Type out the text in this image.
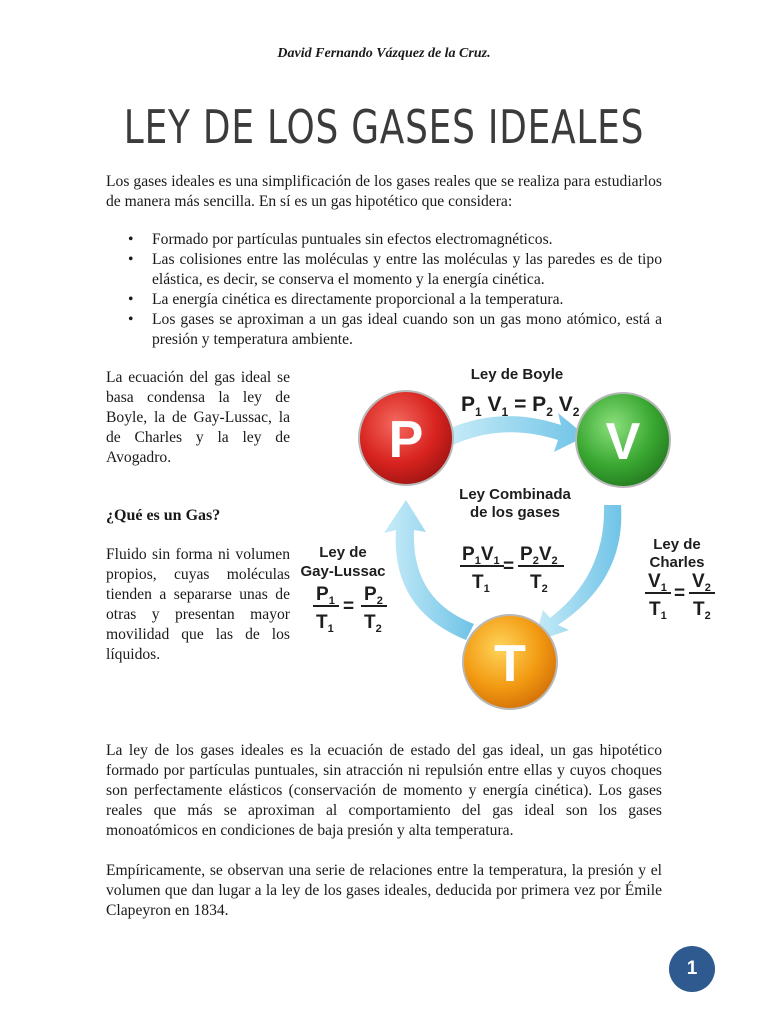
David Fernando Vázquez de la Cruz.
LEY DE LOS GASES IDEALES

Los gases ideales es una simplificación de los gases reales que se realiza para estudiarlos de manera más sencilla. En sí es un gas hipotético que considera:

• Formado por partículas puntuales sin efectos electromagnéticos.
• Las colisiones entre las moléculas y entre las moléculas y las paredes es de tipo elástica, es decir, se conserva el momento y la energía cinética.
• La energía cinética es directamente proporcional a la temperatura.
• Los gases se aproximan a un gas ideal cuando son un gas mono atómico, está a presión y temperatura ambiente.

La ecuación del gas ideal se basa condensa la ley de Boyle, la de Gay-Lussac, la de Charles y la ley de Avogadro.

¿Qué es un Gas?

Fluido sin forma ni volumen propios, cuyas moléculas tienden a separarse unas de otras y presentan mayor movilidad que las de los líquidos.

P	V
T
Ley de Boyle
$P_1$ $V_1 = P_2$ $V_2$
Ley Combinada
de los gases
$P_1V_1$
$T_1$
=
$P_2V_2$
$T_2$
Ley de
Gay-Lussac
$P_1$
$T_1$
=
$P_2$
$T_2$
Ley de
Charles
$V_1$
$T_1$
=
$V_2$
$T_2$

La ley de los gases ideales es la ecuación de estado del gas ideal, un gas hipotético formado por partículas puntuales, sin atracción ni repulsión entre ellas y cuyos choques son perfectamente elásticos (conservación de momento y energía cinética). Los gases reales que más se aproximan al comportamiento del gas ideal son los gases monoatómicos en condiciones de baja presión y alta temperatura.

Empíricamente, se observan una serie de relaciones entre la temperatura, la presión y el volumen que dan lugar a la ley de los gases ideales, deducida por primera vez por Émile Clapeyron en 1834.

1
